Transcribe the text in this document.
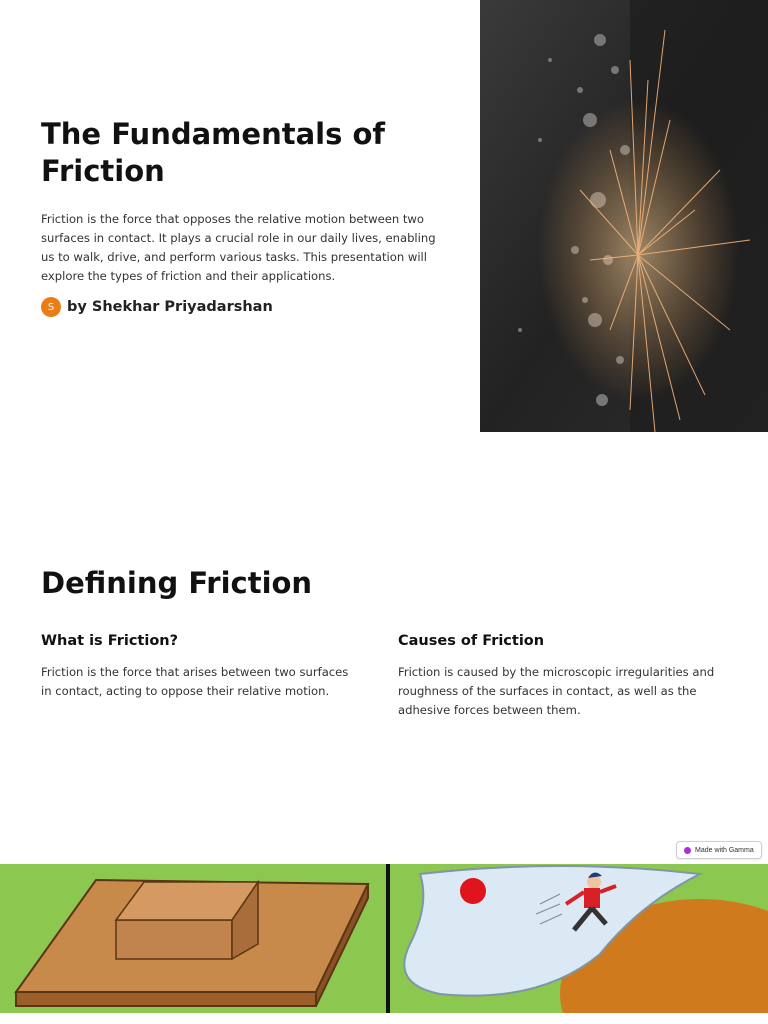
The Fundamentals of Friction

Friction is the force that opposes the relative motion between two surfaces in contact. It plays a crucial role in our daily lives, enabling us to walk, drive, and perform various tasks. This presentation will explore the types of friction and their applications.

S by Shekhar Priyadarshan
Defining Friction
What is Friction?

Friction is the force that arises between two surfaces in contact, acting to oppose their relative motion.

Causes of Friction

Friction is caused by the microscopic irregularities and roughness of the surfaces in contact, as well as the adhesive forces between them.

Made with Gamma
